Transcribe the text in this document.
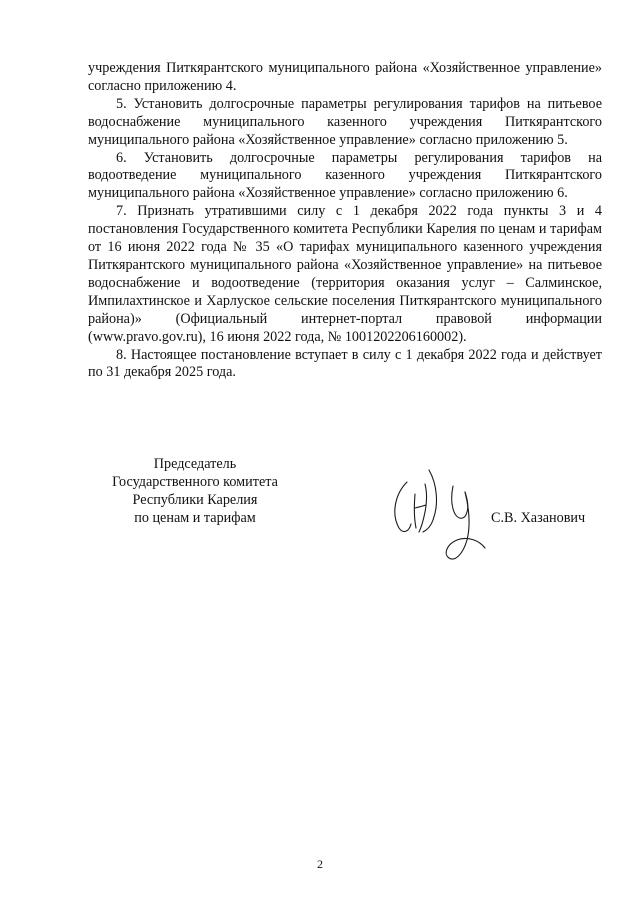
учреждения Питкярантского муниципального района «Хозяйственное управление» согласно приложению 4.

5. Установить долгосрочные параметры регулирования тарифов на питьевое водоснабжение муниципального казенного учреждения Питкярантского муниципального района «Хозяйственное управление» согласно приложению 5.

6. Установить долгосрочные параметры регулирования тарифов на водоотведение муниципального казенного учреждения Питкярантского муниципального района «Хозяйственное управление» согласно приложению 6.

7. Признать утратившими силу с 1 декабря 2022 года пункты 3 и 4 постановления Государственного комитета Республики Карелия по ценам и тарифам от 16 июня 2022 года № 35 «О тарифах муниципального казенного учреждения Питкярантского муниципального района «Хозяйственное управление» на питьевое водоснабжение и водоотведение (территория оказания услуг – Салминское, Импилахтинское и Харлуское сельские поселения Питкярантского муниципального района)» (Официальный интернет-портал правовой информации (www.pravo.gov.ru), 16 июня 2022 года, № 1001202206160002).

8. Настоящее постановление вступает в силу с 1 декабря 2022 года и действует по 31 декабря 2025 года.

Председатель
Государственного комитета
Республики Карелия
по ценам и тарифам	С.В. Хазанович
2
